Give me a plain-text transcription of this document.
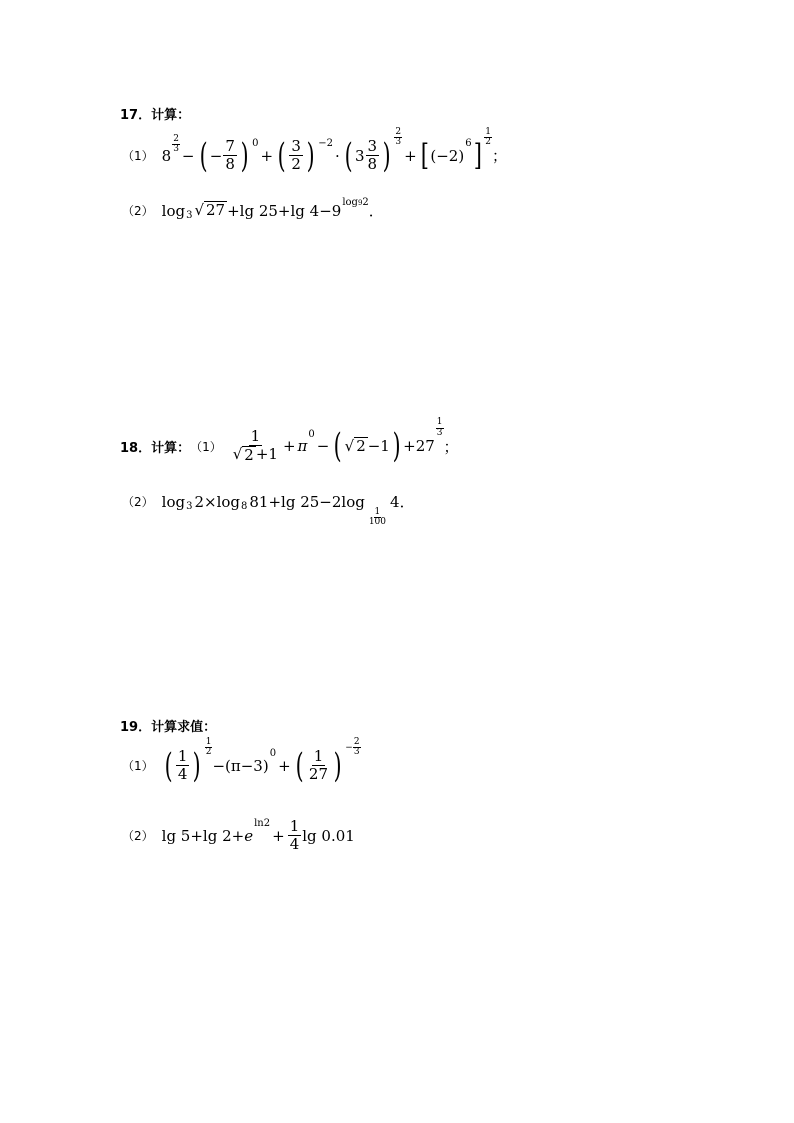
17．计算：
（1） 8
$\frac{2}{3}$
− ( − $\frac{7}{8}$ ) 0
+ ( $\frac{3}{2}$ ) −2
· ( $3 \frac{3}{8}$ )
2
3
+ [ (−2)
6 ]
1
2
；
（2） log 3 √ 27 +lg 25+lg 4−9 log92 ．
18．计算： $(1) \frac{1}{√ 2 +1} + \pi$
0
− ( √ 2 −1 ) +27
1
3
；
（2） log 3 2×log 8 81+lg 25−2log
$\frac{1}{100}$
4 ．
19．计算求值：
（1） ( $\frac{1}{4}$ )
1
2
−(π−3)
0
+ ( $\frac{1}{27}$ ) − $\frac{2}{3}$
（2） lg 5+lg 2+ e
ln2
+ $\frac{1}{4}$ lg 0.01
